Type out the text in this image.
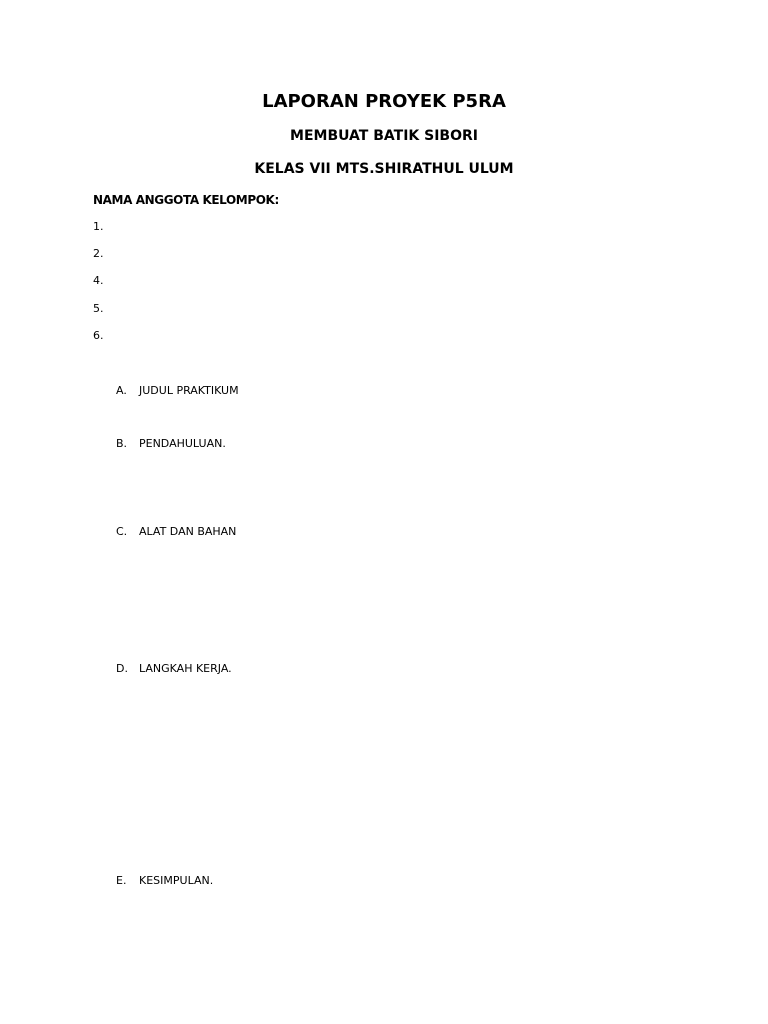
LAPORAN PROYEK P5RA
MEMBUAT BATIK SIBORI
KELAS VII MTS.SHIRATHUL ULUM
NAMA ANGGOTA KELOMPOK:
1.
2.
4.
5.
6.
A. JUDUL PRAKTIKUM
B. PENDAHULUAN.
C. ALAT DAN BAHAN
D. LANGKAH KERJA.
E. KESIMPULAN.
